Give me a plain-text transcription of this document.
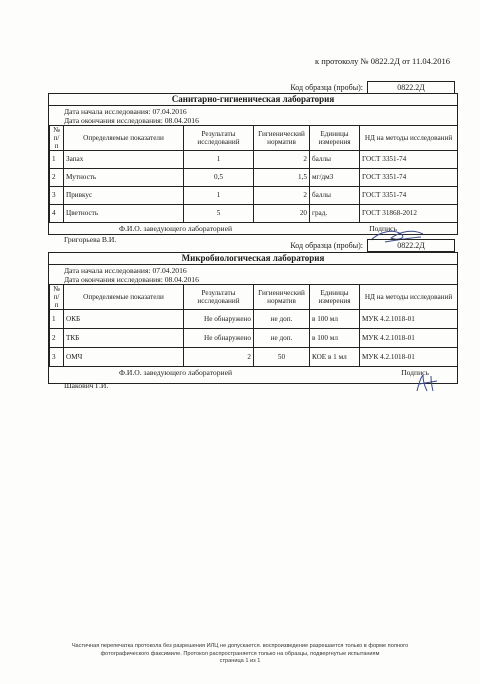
к протоколу № 0822.2Д от 11.04.2016
Код образца (пробы):	0822.2Д
Санитарно-гигиеническая лаборатория
Дата начала исследования: 07.04.2016
Дата окончания исследования: 08.04.2016
№ п/п	Определяемые показатели	Результаты исследований	Гигиенический норматив	Единицы измерения	НД на методы исследований
1	Запах	1	2	баллы	ГОСТ 3351-74
2	Мутность	0,5	1,5	мг/дм3	ГОСТ 3351-74
3	Привкус	1	2	баллы	ГОСТ 3351-74
4	Цветность	5	20	град.	ГОСТ 31868-2012
Ф.И.О. заведующего лабораторией	Подпись
Григорьева В.И.
Код образца (пробы):	0822.2Д
Микробиологическая лаборатория
Дата начала исследования: 07.04.2016
Дата окончания исследования: 08.04.2016
№ п/п	Определяемые показатели	Результаты исследований	Гигиенический норматив	Единицы измерения	НД на методы исследований
1	ОКБ	Не обнаружено	не доп.	в 100 мл	МУК 4.2.1018-01
2	ТКБ	Не обнаружено	не доп.	в 100 мл	МУК 4.2.1018-01
3	ОМЧ	2	50	КОЕ в 1 мл	МУК 4.2.1018-01
Ф.И.О. заведующего лабораторией	Подпись
Шакович Г.И.
Частичная перепечатка протокола без разрешения ИЛЦ не допускается. воспроизведение разрешается только в форме полного
фотографического факсимиле. Протокол распространяется только на образцы, подвергнутые испытаниям
страница 1 из 1
